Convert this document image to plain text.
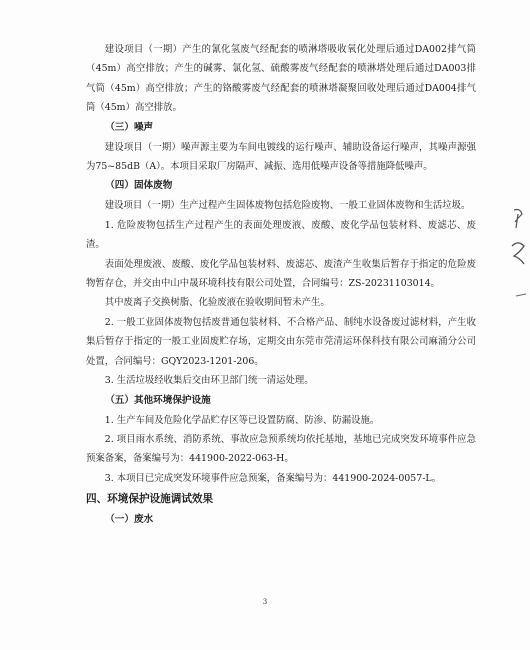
建设项目（一期）产生的氰化氢废气经配套的喷淋塔吸收氧化处理后通过DA002排气筒（45m）高空排放；产生的碱雾、氯化氢、硫酸雾废气经配套的喷淋塔处理后通过DA003排气筒（45m）高空排放；产生的铬酸雾废气经配套的喷淋塔凝聚回收处理后通过DA004排气筒（45m）高空排放。

（三）噪声

建设项目（一期）噪声源主要为车间电镀线的运行噪声、辅助设备运行噪声，其噪声源强为75~85dB（A）。本项目采取厂房隔声、减振、选用低噪声设备等措施降低噪声。

（四）固体废物

建设项目（一期）生产过程产生固体废物包括危险废物、一般工业固体废物和生活垃圾。

1. 危险废物包括生产过程产生的表面处理废液、废酸、废化学品包装材料、废滤芯、废渣。

表面处理废液、废酸、废化学品包装材料、废滤芯、废渣产生收集后暂存于指定的危险废物暂存仓，并交由中山中晟环境科技有限公司处置，合同编号：ZS-20231103014。

其中废离子交换树脂、化验废液在验收期间暂未产生。

2. 一般工业固体废物包括废普通包装材料、不合格产品、制纯水设备废过滤材料，产生收集后暂存于指定的一般工业固废贮存场，定期交由东莞市莞清运环保科技有限公司麻涌分公司处置，合同编号：GQY2023-1201-206。

3. 生活垃圾经收集后交由环卫部门统一清运处理。

（五）其他环境保护设施

1. 生产车间及危险化学品贮存区等已设置防腐、防渗、防漏设施。

2. 项目雨水系统、消防系统、事故应急预系统均依托基地，基地已完成突发环境事件应急预案备案，备案编号为：441900-2022-063-H。

3. 本项目已完成突发环境事件应急预案，备案编号为：441900-2024-0057-L。

四、环境保护设施调试效果
（一）废水
3
